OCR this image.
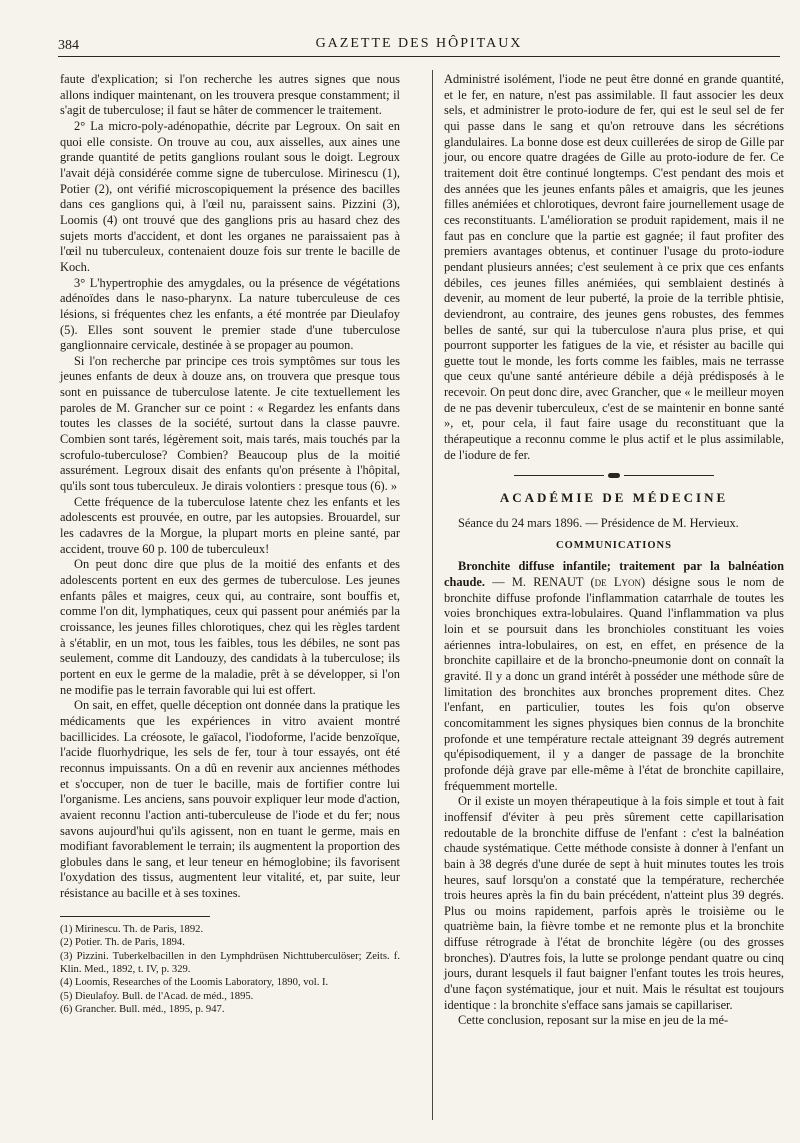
384	GAZETTE DES HÔPITAUX

faute d'explication; si l'on recherche les autres signes que nous allons indiquer maintenant, on les trouvera presque constamment; il s'agit de tuberculose; il faut se hâter de commencer le traitement.

2° La micro-poly-adénopathie, décrite par Legroux. On sait en quoi elle consiste. On trouve au cou, aux aisselles, aux aines une grande quantité de petits ganglions roulant sous le doigt. Legroux l'avait déjà considérée comme signe de tuberculose. Mirinescu (1), Potier (2), ont vérifié microscopiquement la présence des bacilles dans ces ganglions qui, à l'œil nu, paraissent sains. Pizzini (3), Loomis (4) ont trouvé que des ganglions pris au hasard chez des sujets morts d'accident, et dont les organes ne paraissaient pas à l'œil nu tuberculeux, contenaient douze fois sur trente le bacille de Koch.

3° L'hypertrophie des amygdales, ou la présence de végétations adénoïdes dans le naso-pharynx. La nature tuberculeuse de ces lésions, si fréquentes chez les enfants, a été montrée par Dieulafoy (5). Elles sont souvent le premier stade d'une tuberculose ganglionnaire cervicale, destinée à se propager au poumon.

Si l'on recherche par principe ces trois symptômes sur tous les jeunes enfants de deux à douze ans, on trouvera que presque tous sont en puissance de tuberculose latente. Je cite textuellement les paroles de M. Grancher sur ce point : « Regardez les enfants dans toutes les classes de la société, surtout dans la classe pauvre. Combien sont tarés, légèrement soit, mais tarés, mais touchés par la scrofulo-tuberculose? Combien? Beaucoup plus de la moitié assurément. Legroux disait des enfants qu'on présente à l'hôpital, qu'ils sont tous tuberculeux. Je dirais volontiers : presque tous (6). »

Cette fréquence de la tuberculose latente chez les enfants et les adolescents est prouvée, en outre, par les autopsies. Brouardel, sur les cadavres de la Morgue, la plupart morts en pleine santé, par accident, trouve 60 p. 100 de tuberculeux!

On peut donc dire que plus de la moitié des enfants et des adolescents portent en eux des germes de tuberculose. Les jeunes enfants pâles et maigres, ceux qui, au contraire, sont bouffis et, comme l'on dit, lymphatiques, ceux qui passent pour anémiés par la croissance, les jeunes filles chlorotiques, chez qui les règles tardent à s'établir, en un mot, tous les faibles, tous les débiles, ne sont pas seulement, comme dit Landouzy, des candidats à la tuberculose; ils portent en eux le germe de la maladie, prêt à se développer, si l'on ne modifie pas le terrain favorable qui lui est offert.

On sait, en effet, quelle déception ont donnée dans la pratique les médicaments que les expériences in vitro avaient montré bacillicides. La créosote, le gaïacol, l'iodoforme, l'acide benzoïque, l'acide fluorhydrique, les sels de fer, tour à tour essayés, ont été reconnus impuissants. On a dû en revenir aux anciennes méthodes et s'occuper, non de tuer le bacille, mais de fortifier contre lui l'organisme. Les anciens, sans pouvoir expliquer leur mode d'action, avaient reconnu l'action anti-tuberculeuse de l'iode et du fer; nous savons aujourd'hui qu'ils agissent, non en tuant le germe, mais en modifiant favorablement le terrain; ils augmentent la proportion des globules dans le sang, et leur teneur en hémoglobine; ils favorisent l'oxydation des tissus, augmentent leur vitalité, et, par suite, leur résistance au bacille et à ses toxines.

(1) Mirinescu. Th. de Paris, 1892.
(2) Potier. Th. de Paris, 1894.
(3) Pizzini. Tuberkelbacillen in den Lymphdrüsen Nichttuberculöser; Zeits. f. Klin. Med., 1892, t. IV, p. 329.
(4) Loomis, Researches of the Loomis Laboratory, 1890, vol. I.
(5) Dieulafoy. Bull. de l'Acad. de méd., 1895.
(6) Grancher. Bull. méd., 1895, p. 947.

Administré isolément, l'iode ne peut être donné en grande quantité, et le fer, en nature, n'est pas assimilable. Il faut associer les deux sels, et administrer le proto-iodure de fer, qui est le seul sel de fer qui passe dans le sang et qu'on retrouve dans les sécrétions glandulaires. La bonne dose est deux cuillerées de sirop de Gille par jour, ou encore quatre dragées de Gille au proto-iodure de fer. Ce traitement doit être continué longtemps. C'est pendant des mois et des années que les jeunes enfants pâles et amaigris, que les jeunes filles anémiées et chlorotiques, devront faire journellement usage de ces reconstituants. L'amélioration se produit rapidement, mais il ne faut pas en conclure que la partie est gagnée; il faut profiter des premiers avantages obtenus, et continuer l'usage du proto-iodure pendant plusieurs années; c'est seulement à ce prix que ces enfants débiles, ces jeunes filles anémiées, qui semblaient destinés à devenir, au moment de leur puberté, la proie de la terrible phtisie, deviendront, au contraire, des jeunes gens robustes, des femmes belles de santé, sur qui la tuberculose n'aura plus prise, et qui pourront supporter les fatigues de la vie, et résister au bacille qui guette tout le monde, les forts comme les faibles, mais ne terrasse que ceux qu'une santé antérieure débile a déjà prédisposés à le recevoir. On peut donc dire, avec Grancher, que « le meilleur moyen de ne pas devenir tuberculeux, c'est de se maintenir en bonne santé », et, pour cela, il faut faire usage du reconstituant que la thérapeutique a reconnu comme le plus actif et le plus assimilable, de l'iodure de fer.

ACADÉMIE DE MÉDECINE

Séance du 24 mars 1896. — Présidence de M. Hervieux.

COMMUNICATIONS

Bronchite diffuse infantile; traitement par la balnéation chaude. — M. RENAUT (de Lyon) désigne sous le nom de bronchite diffuse profonde l'inflammation catarrhale de toutes les voies bronchiques extra-lobulaires. Quand l'inflammation va plus loin et se poursuit dans les bronchioles constituant les voies aériennes intra-lobulaires, on est, en effet, en présence de la bronchite capillaire et de la broncho-pneumonie dont on connaît la gravité. Il y a donc un grand intérêt à posséder une méthode sûre de limitation des bronchites aux bronches proprement dites. Chez l'enfant, en particulier, toutes les fois qu'on observe concomitamment les signes physiques bien connus de la bronchite profonde et une température rectale atteignant 39 degrés autrement qu'épisodiquement, il y a danger de passage de la bronchite profonde déjà grave par elle-même à l'état de bronchite capillaire, fréquemment mortelle.

Or il existe un moyen thérapeutique à la fois simple et tout à fait inoffensif d'éviter à peu près sûrement cette capillarisation redoutable de la bronchite diffuse de l'enfant : c'est la balnéation chaude systématique. Cette méthode consiste à donner à l'enfant un bain à 38 degrés d'une durée de sept à huit minutes toutes les trois heures, sauf lorsqu'on a constaté que la température, recherchée trois heures après la fin du bain précédent, n'atteint plus 39 degrés. Plus ou moins rapidement, parfois après le troisième ou le quatrième bain, la fièvre tombe et ne remonte plus et la bronchite diffuse rétrograde à l'état de bronchite légère (ou des grosses bronches). D'autres fois, la lutte se prolonge pendant quatre ou cinq jours, durant lesquels il faut baigner l'enfant toutes les trois heures, d'une façon systématique, jour et nuit. Mais le résultat est toujours identique : la bronchite s'efface sans jamais se capillariser.

Cette conclusion, reposant sur la mise en jeu de la mé-
